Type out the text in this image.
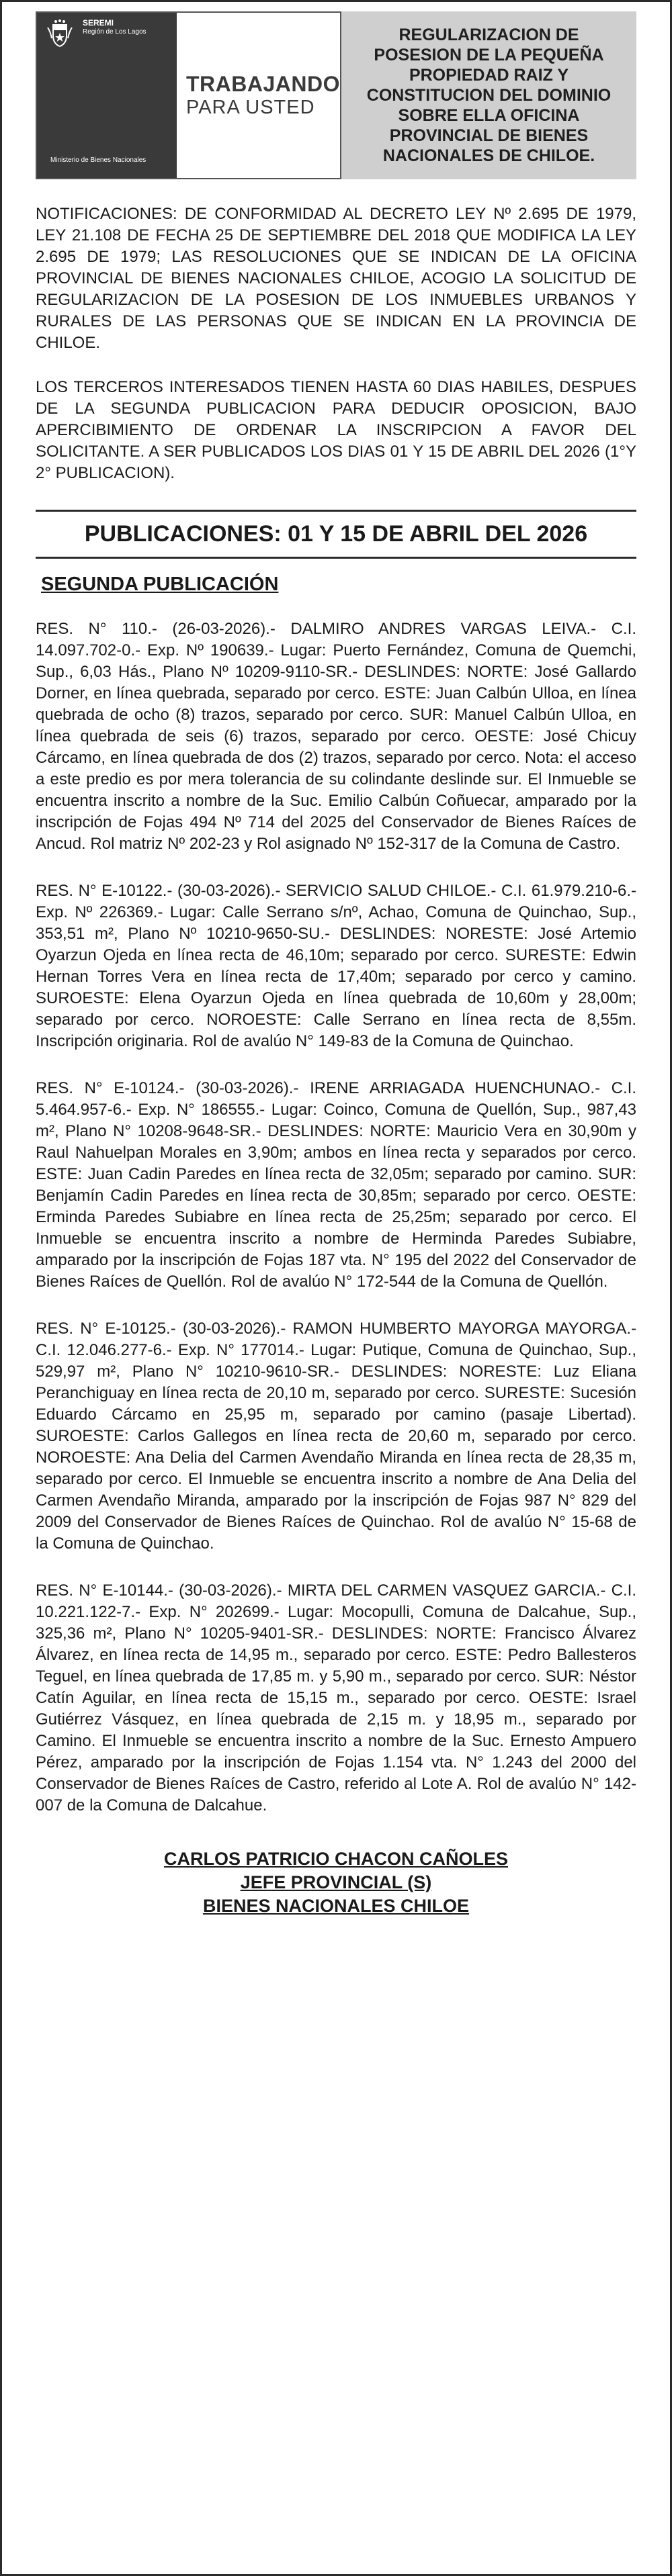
SEREMI
Región de Los Lagos
Ministerio de Bienes Nacionales
TRABAJANDO
PARA USTED
REGULARIZACION DE POSESION DE LA PEQUEÑA PROPIEDAD RAIZ Y CONSTITUCION DEL DOMINIO SOBRE ELLA OFICINA PROVINCIAL DE BIENES NACIONALES DE CHILOE.

NOTIFICACIONES: DE CONFORMIDAD AL DECRETO LEY Nº 2.695 DE 1979, LEY 21.108 DE FECHA 25 DE SEPTIEMBRE DEL 2018 QUE MODIFICA LA LEY 2.695 DE 1979; LAS RESOLUCIONES QUE SE INDICAN DE LA OFICINA PROVINCIAL DE BIENES NACIONALES CHILOE, ACOGIO LA SOLICITUD DE REGULARIZACION DE LA POSESION DE LOS INMUEBLES URBANOS Y RURALES DE LAS PERSONAS QUE SE INDICAN EN LA PROVINCIA DE CHILOE.

LOS TERCEROS INTERESADOS TIENEN HASTA 60 DIAS HABILES, DESPUES DE LA SEGUNDA PUBLICACION PARA DEDUCIR OPOSICION, BAJO APERCIBIMIENTO DE ORDENAR LA INSCRIPCION A FAVOR DEL SOLICITANTE. A SER PUBLICADOS LOS DIAS 01 Y 15 DE ABRIL DEL 2026 (1°Y 2° PUBLICACION).

PUBLICACIONES: 01 Y 15 DE ABRIL DEL 2026
SEGUNDA PUBLICACIÓN

RES. N° 110.- (26-03-2026).- DALMIRO ANDRES VARGAS LEIVA.- C.I. 14.097.702-0.- Exp. Nº 190639.- Lugar: Puerto Fernández, Comuna de Quemchi, Sup., 6,03 Hás., Plano Nº 10209-9110-SR.- DESLINDES: NORTE: José Gallardo Dorner, en línea quebrada, separado por cerco. ESTE: Juan Calbún Ulloa, en línea quebrada de ocho (8) trazos, separado por cerco. SUR: Manuel Calbún Ulloa, en línea quebrada de seis (6) trazos, separado por cerco. OESTE: José Chicuy Cárcamo, en línea quebrada de dos (2) trazos, separado por cerco. Nota: el acceso a este predio es por mera tolerancia de su colindante deslinde sur. El Inmueble se encuentra inscrito a nombre de la Suc. Emilio Calbún Coñuecar, amparado por la inscripción de Fojas 494 Nº 714 del 2025 del Conservador de Bienes Raíces de Ancud. Rol matriz Nº 202-23 y Rol asignado Nº 152-317 de la Comuna de Castro.

RES. N° E-10122.- (30-03-2026).- SERVICIO SALUD CHILOE.- C.I. 61.979.210-6.- Exp. Nº 226369.- Lugar: Calle Serrano s/nº, Achao, Comuna de Quinchao, Sup., 353,51 m², Plano Nº 10210-9650-SU.- DESLINDES: NORESTE: José Artemio Oyarzun Ojeda en línea recta de 46,10m; separado por cerco. SURESTE: Edwin Hernan Torres Vera en línea recta de 17,40m; separado por cerco y camino. SUROESTE: Elena Oyarzun Ojeda en línea quebrada de 10,60m y 28,00m; separado por cerco. NOROESTE: Calle Serrano en línea recta de 8,55m. Inscripción originaria. Rol de avalúo N° 149-83 de la Comuna de Quinchao.

RES. N° E-10124.- (30-03-2026).- IRENE ARRIAGADA HUENCHUNAO.- C.I. 5.464.957-6.- Exp. N° 186555.- Lugar: Coinco, Comuna de Quellón, Sup., 987,43 m², Plano N° 10208-9648-SR.- DESLINDES: NORTE: Mauricio Vera en 30,90m y Raul Nahuelpan Morales en 3,90m; ambos en línea recta y separados por cerco. ESTE: Juan Cadin Paredes en línea recta de 32,05m; separado por camino. SUR: Benjamín Cadin Paredes en línea recta de 30,85m; separado por cerco. OESTE: Erminda Paredes Subiabre en línea recta de 25,25m; separado por cerco. El Inmueble se encuentra inscrito a nombre de Herminda Paredes Subiabre, amparado por la inscripción de Fojas 187 vta. N° 195 del 2022 del Conservador de Bienes Raíces de Quellón. Rol de avalúo N° 172-544 de la Comuna de Quellón.

RES. N° E-10125.- (30-03-2026).- RAMON HUMBERTO MAYORGA MAYORGA.- C.I. 12.046.277-6.- Exp. N° 177014.- Lugar: Putique, Comuna de Quinchao, Sup., 529,97 m², Plano N° 10210-9610-SR.- DESLINDES: NORESTE: Luz Eliana Peranchiguay en línea recta de 20,10 m, separado por cerco. SURESTE: Sucesión Eduardo Cárcamo en 25,95 m, separado por camino (pasaje Libertad). SUROESTE: Carlos Gallegos en línea recta de 20,60 m, separado por cerco. NOROESTE: Ana Delia del Carmen Avendaño Miranda en línea recta de 28,35 m, separado por cerco. El Inmueble se encuentra inscrito a nombre de Ana Delia del Carmen Avendaño Miranda, amparado por la inscripción de Fojas 987 N° 829 del 2009 del Conservador de Bienes Raíces de Quinchao. Rol de avalúo N° 15-68 de la Comuna de Quinchao.

RES. N° E-10144.- (30-03-2026).- MIRTA DEL CARMEN VASQUEZ GARCIA.- C.I. 10.221.122-7.- Exp. N° 202699.- Lugar: Mocopulli, Comuna de Dalcahue, Sup., 325,36 m², Plano N° 10205-9401-SR.- DESLINDES: NORTE: Francisco Álvarez Álvarez, en línea recta de 14,95 m., separado por cerco. ESTE: Pedro Ballesteros Teguel, en línea quebrada de 17,85 m. y 5,90 m., separado por cerco. SUR: Néstor Catín Aguilar, en línea recta de 15,15 m., separado por cerco. OESTE: Israel Gutiérrez Vásquez, en línea quebrada de 2,15 m. y 18,95 m., separado por Camino. El Inmueble se encuentra inscrito a nombre de la Suc. Ernesto Ampuero Pérez, amparado por la inscripción de Fojas 1.154 vta. N° 1.243 del 2000 del Conservador de Bienes Raíces de Castro, referido al Lote A. Rol de avalúo N° 142-007 de la Comuna de Dalcahue.

CARLOS PATRICIO CHACON CAÑOLES
JEFE PROVINCIAL (S)
BIENES NACIONALES CHILOE
